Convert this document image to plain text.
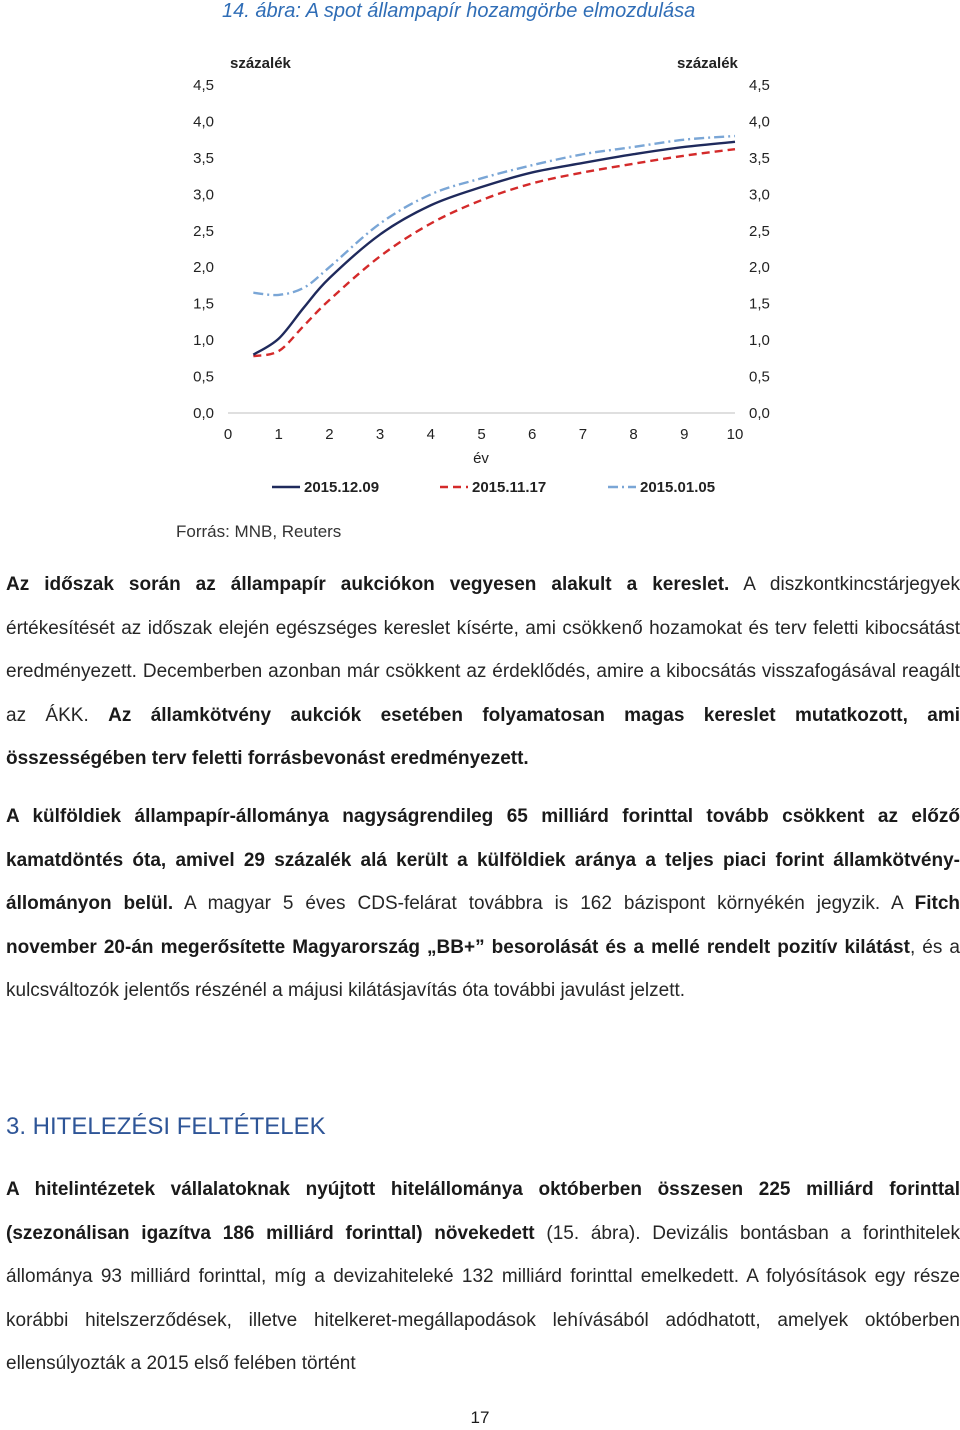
14. ábra: A spot állampapír hozamgörbe elmozdulása
0,0
0,5
1,0
1,5
2,0
2,5
3,0
3,5
4,0
4,5
0,0
0,5
1,0
1,5
2,0
2,5
3,0
3,5
4,0
4,5
0	1	2	3	4	5	6	7	8	9	10
százalék	százalék
év
2015.12.09	2015.11.17	2015.01.05
Forrás: MNB, Reuters
Az időszak során az állampapír aukciókon vegyesen alakult a kereslet. A diszkontkincstárjegyek értékesítését az időszak elején egészséges kereslet kísérte, ami csökkenő hozamokat és terv feletti kibocsátást eredményezett. Decemberben azonban már csökkent az érdeklődés, amire a kibocsátás visszafogásával reagált az ÁKK. Az államkötvény aukciók esetében folyamatosan magas kereslet mutatkozott, ami összességében terv feletti forrásbevonást eredményezett.
A külföldiek állampapír-állománya nagyságrendileg 65 milliárd forinttal tovább csökkent az előző kamatdöntés óta, amivel 29 százalék alá került a külföldiek aránya a teljes piaci forint államkötvény-állományon belül. A magyar 5 éves CDS-felárat továbbra is 162 bázispont környékén jegyzik. A Fitch november 20-án megerősítette Magyarország „BB+” besorolását és a mellé rendelt pozitív kilátást, és a kulcsváltozók jelentős részénél a májusi kilátásjavítás óta további javulást jelzett.
3. HITELEZÉSI FELTÉTELEK
A hitelintézetek vállalatoknak nyújtott hitelállománya októberben összesen 225 milliárd forinttal (szezonálisan igazítva 186 milliárd forinttal) növekedett (15. ábra). Devizális bontásban a forinthitelek állománya 93 milliárd forinttal, míg a devizahiteleké 132 milliárd forinttal emelkedett. A folyósítások egy része korábbi hitelszerződések, illetve hitelkeret-megállapodások lehívásából adódhatott, amelyek októberben ellensúlyozták a 2015 első felében történt
17
